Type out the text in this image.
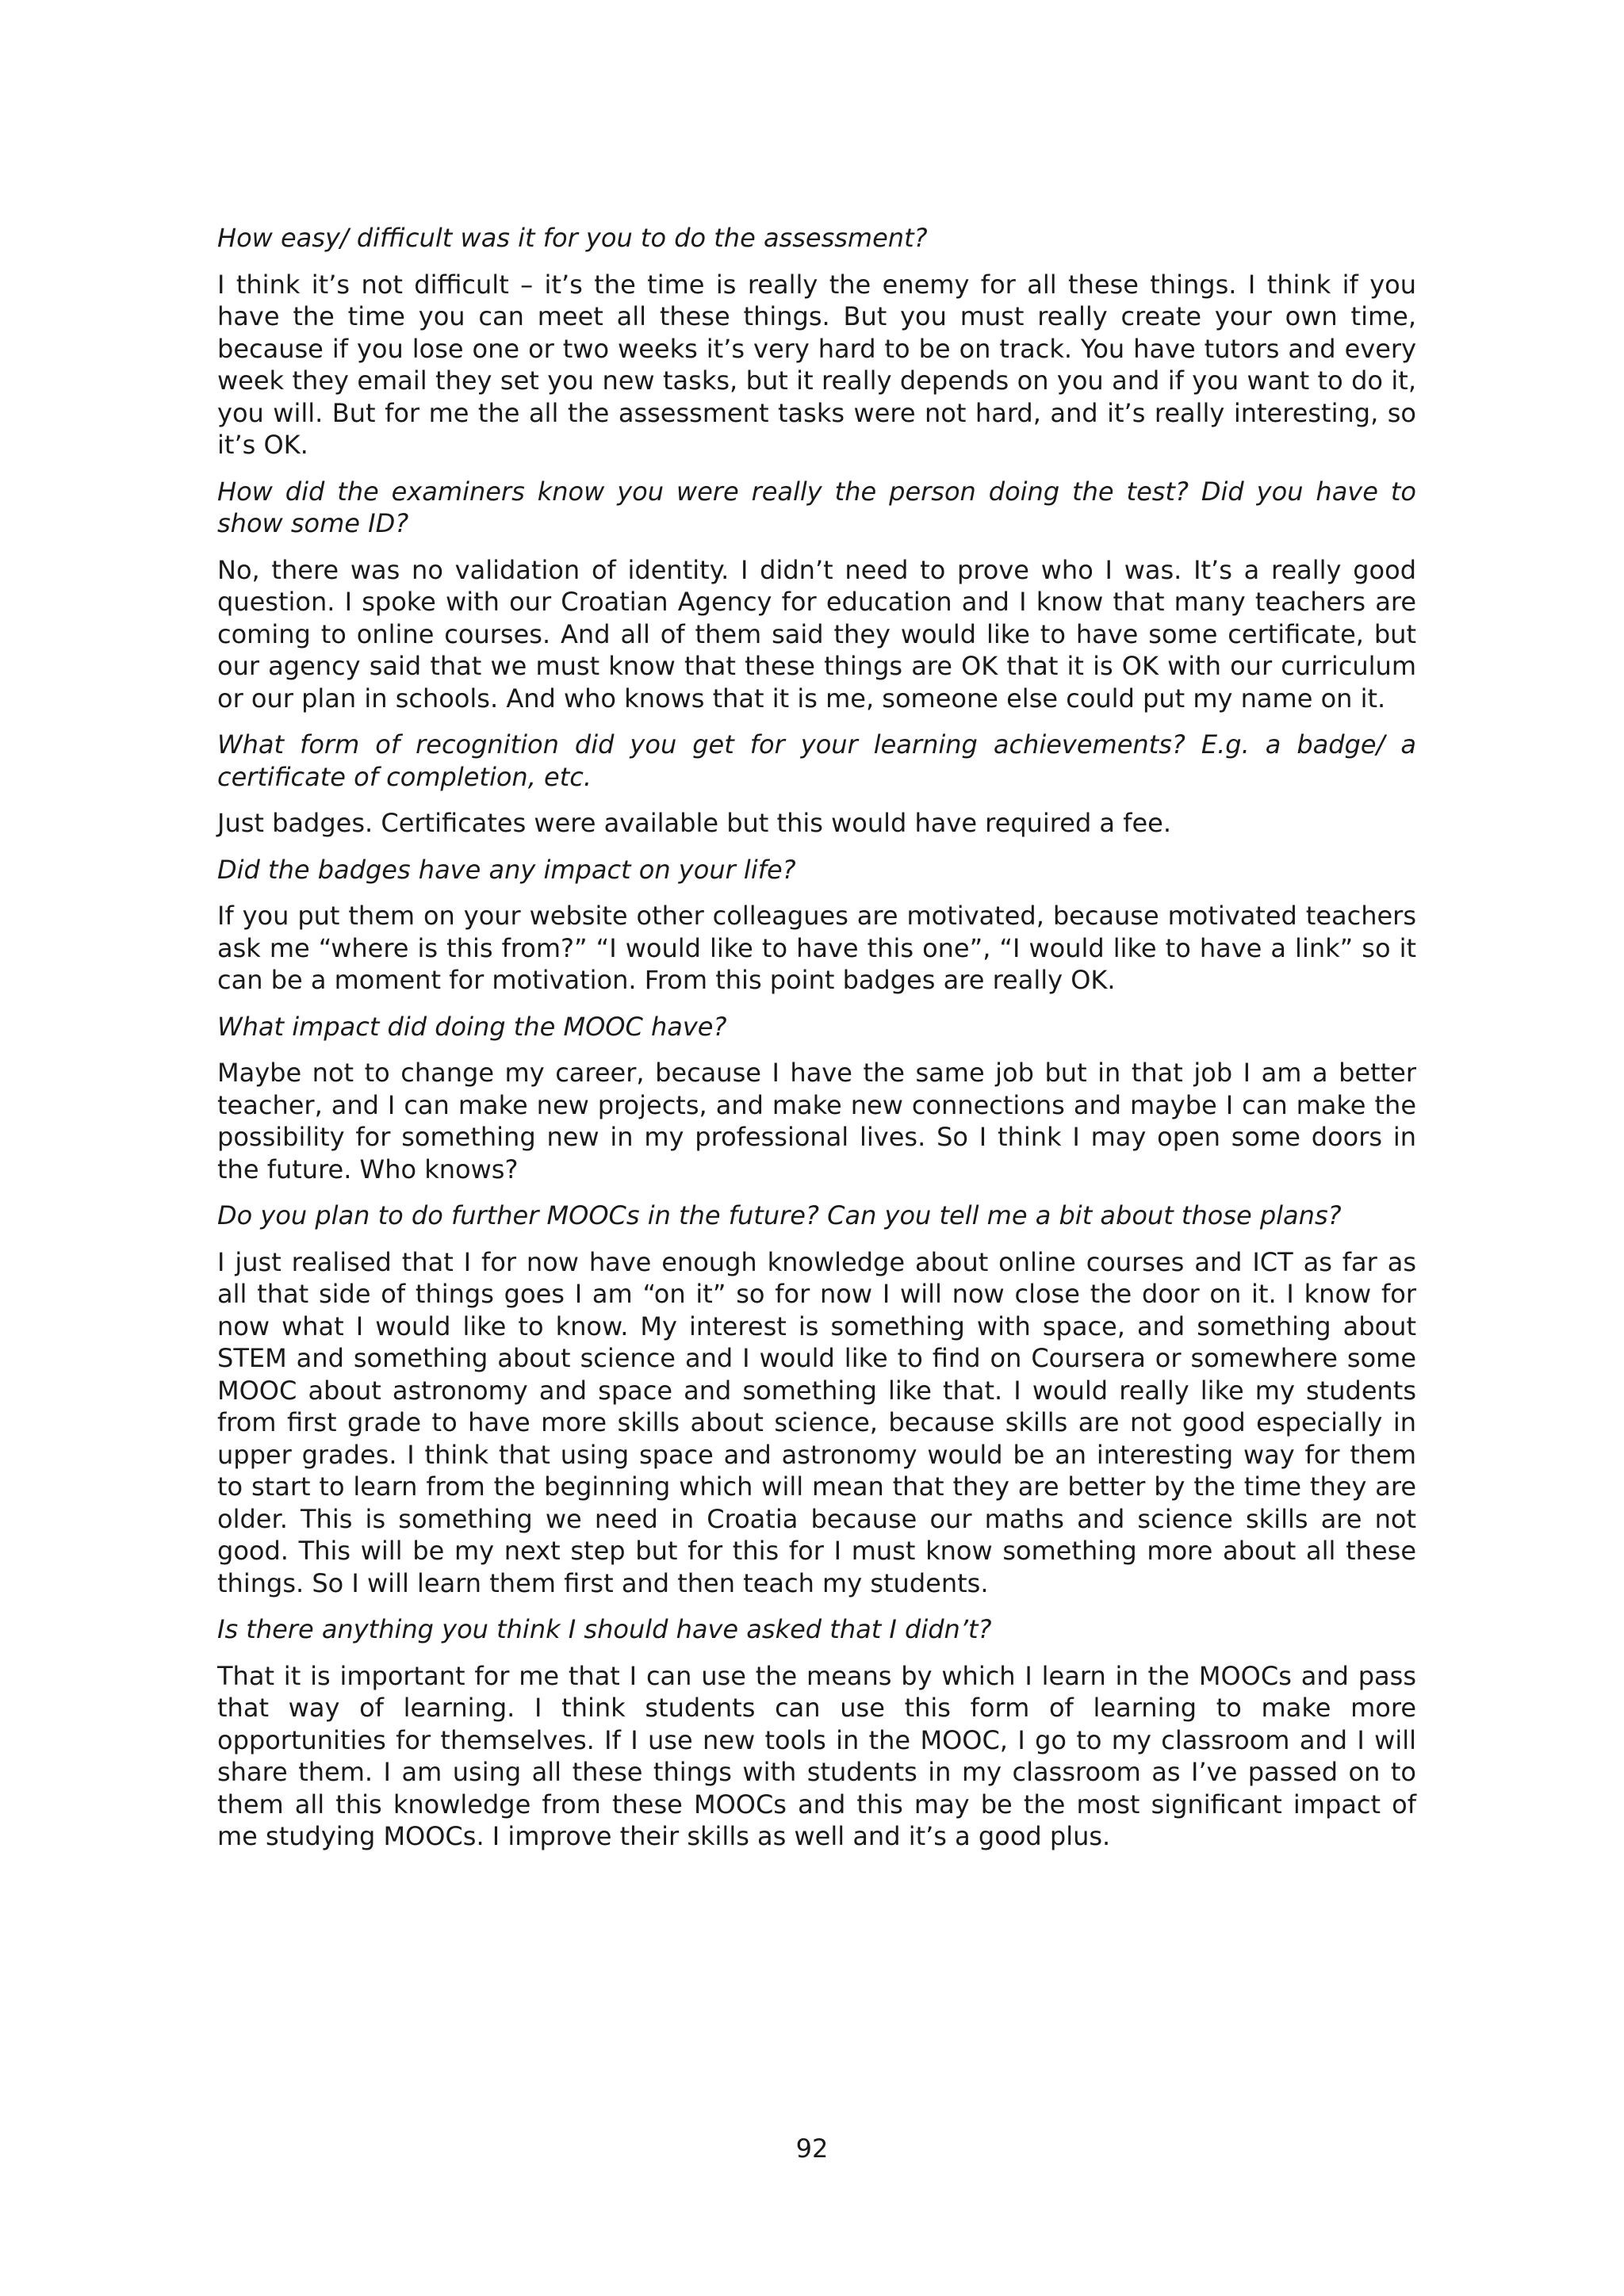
How easy/ difficult was it for you to do the assessment?

I think it’s not difficult – it’s the time is really the enemy for all these things. I think if you have the time you can meet all these things. But you must really create your own time, because if you lose one or two weeks it’s very hard to be on track. You have tutors and every week they email they set you new tasks, but it really depends on you and if you want to do it, you will. But for me the all the assessment tasks were not hard, and it’s really interesting, so it’s OK.

How did the examiners know you were really the person doing the test? Did you have to show some ID?

No, there was no validation of identity. I didn’t need to prove who I was. It’s a really good question. I spoke with our Croatian Agency for education and I know that many teachers are coming to online courses. And all of them said they would like to have some certificate, but our agency said that we must know that these things are OK that it is OK with our curriculum or our plan in schools. And who knows that it is me, someone else could put my name on it.

What form of recognition did you get for your learning achievements? E.g. a badge/ a certificate of completion, etc.

Just badges. Certificates were available but this would have required a fee.

Did the badges have any impact on your life?

If you put them on your website other colleagues are motivated, because motivated teachers ask me “where is this from?” “I would like to have this one”, “I would like to have a link” so it can be a moment for motivation. From this point badges are really OK.

What impact did doing the MOOC have?

Maybe not to change my career, because I have the same job but in that job I am a better teacher, and I can make new projects, and make new connections and maybe I can make the possibility for something new in my professional lives. So I think I may open some doors in the future. Who knows?

Do you plan to do further MOOCs in the future? Can you tell me a bit about those plans?

I just realised that I for now have enough knowledge about online courses and ICT as far as all that side of things goes I am “on it” so for now I will now close the door on it. I know for now what I would like to know. My interest is something with space, and something about STEM and something about science and I would like to find on Coursera or somewhere some MOOC about astronomy and space and something like that. I would really like my students from first grade to have more skills about science, because skills are not good especially in upper grades. I think that using space and astronomy would be an interesting way for them to start to learn from the beginning which will mean that they are better by the time they are older. This is something we need in Croatia because our maths and science skills are not good. This will be my next step but for this for I must know something more about all these things. So I will learn them first and then teach my students.

Is there anything you think I should have asked that I didn’t?

That it is important for me that I can use the means by which I learn in the MOOCs and pass that way of learning. I think students can use this form of learning to make more opportunities for themselves. If I use new tools in the MOOC, I go to my classroom and I will share them. I am using all these things with students in my classroom as I’ve passed on to them all this knowledge from these MOOCs and this may be the most significant impact of me studying MOOCs. I improve their skills as well and it’s a good plus.

92
